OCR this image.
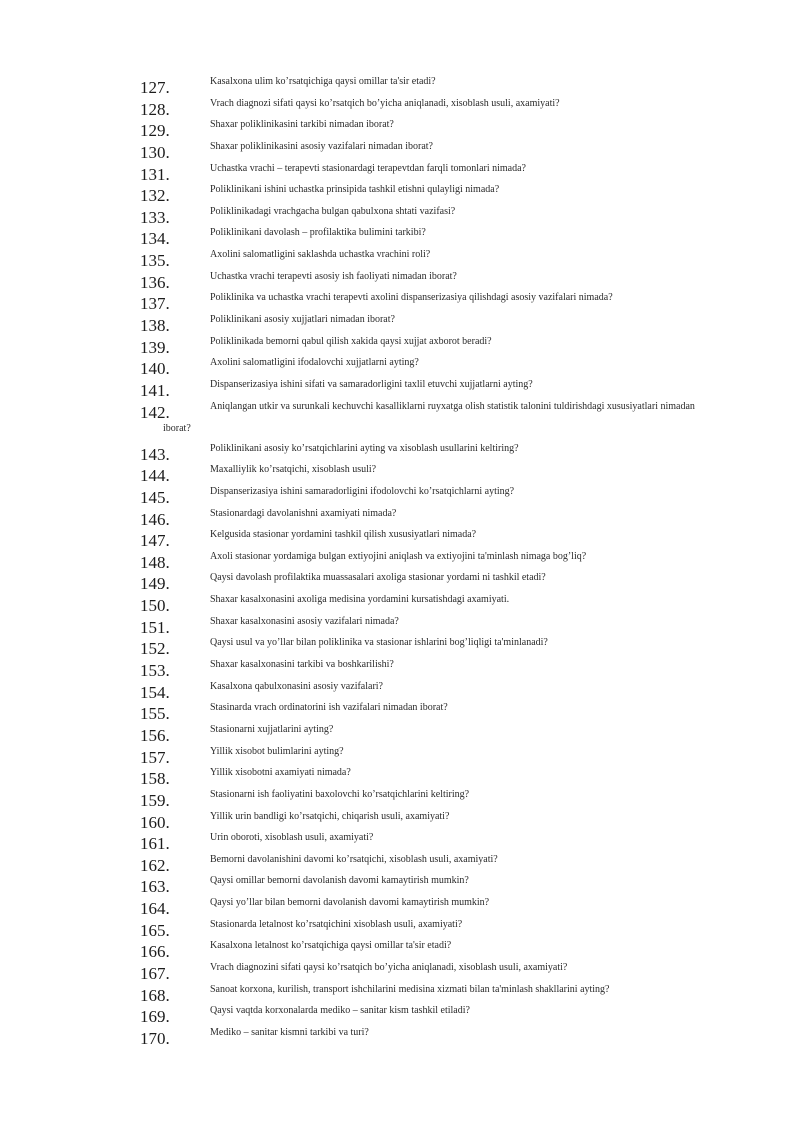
127.	Kasalxona ulim ko’rsatqichiga qaysi omillar ta'sir etadi?
128.	Vrach diagnozi sifati qaysi ko’rsatqich bo’yicha aniqlanadi, xisoblash usuli, axamiyati?
129.	Shaxar poliklinikasini tarkibi nimadan iborat?
130.	Shaxar poliklinikasini asosiy vazifalari nimadan iborat?
131.	Uchastka vrachi – terapevti stasionardagi terapevtdan farqli tomonlari nimada?
132.	Poliklinikani ishini uchastka prinsipida tashkil etishni qulayligi nimada?
133.	Poliklinikadagi vrachgacha bulgan qabulxona shtati vazifasi?
134.	Poliklinikani davolash – profilaktika bulimini tarkibi?
135.	Axolini salomatligini saklashda uchastka vrachini roli?
136.	Uchastka vrachi terapevti asosiy ish faoliyati nimadan iborat?
137.	Poliklinika va uchastka vrachi terapevti axolini dispanserizasiya qilishdagi asosiy vazifalari nimada?
138.	Poliklinikani asosiy xujjatlari nimadan iborat?
139.	Poliklinikada bemorni qabul qilish xakida qaysi xujjat axborot beradi?
140.	Axolini salomatligini ifodalovchi xujjatlarni ayting?
141.	Dispanserizasiya ishini sifati va samaradorligini taxlil etuvchi xujjatlarni ayting?
142.	Aniqlangan utkir va surunkali kechuvchi kasalliklarni ruyxatga olish statistik talonini tuldirishdagi xususiyatlari nimadan
iborat?
143.	Poliklinikani asosiy ko’rsatqichlarini ayting va xisoblash usullarini keltiring?
144.	Maxalliylik ko’rsatqichi, xisoblash usuli?
145.	Dispanserizasiya ishini samaradorligini ifodolovchi ko’rsatqichlarni ayting?
146.	Stasionardagi davolanishni axamiyati nimada?
147.	Kelgusida stasionar yordamini tashkil qilish xususiyatlari nimada?
148.	Axoli stasionar yordamiga bulgan extiyojini aniqlash va extiyojini ta'minlash nimaga bog’liq?
149.	Qaysi davolash profilaktika muassasalari axoliga stasionar yordami ni tashkil etadi?
150.	Shaxar kasalxonasini axoliga medisina yordamini kursatishdagi axamiyati.
151.	Shaxar kasalxonasini asosiy vazifalari nimada?
152.	Qaysi usul va yo’llar bilan poliklinika va stasionar ishlarini bog’liqligi ta'minlanadi?
153.	Shaxar kasalxonasini tarkibi va boshkarilishi?
154.	Kasalxona qabulxonasini asosiy vazifalari?
155.	Stasinarda vrach ordinatorini ish vazifalari nimadan iborat?
156.	Stasionarni xujjatlarini ayting?
157.	Yillik xisobot bulimlarini ayting?
158.	Yillik xisobotni axamiyati nimada?
159.	Stasionarni ish faoliyatini baxolovchi ko’rsatqichlarini keltiring?
160.	Yillik urin bandligi ko’rsatqichi, chiqarish usuli, axamiyati?
161.	Urin oboroti, xisoblash usuli, axamiyati?
162.	Bemorni davolanishini davomi ko’rsatqichi, xisoblash usuli, axamiyati?
163.	Qaysi omillar bemorni davolanish davomi kamaytirish mumkin?
164.	Qaysi yo’llar bilan bemorni davolanish davomi kamaytirish mumkin?
165.	Stasionarda letalnost ko’rsatqichini xisoblash usuli, axamiyati?
166.	Kasalxona letalnost ko’rsatqichiga qaysi omillar ta'sir etadi?
167.	Vrach diagnozini sifati qaysi ko’rsatqich bo’yicha aniqlanadi, xisoblash usuli, axamiyati?
168.	Sanoat korxona, kurilish, transport ishchilarini medisina xizmati bilan ta'minlash shakllarini ayting?
169.	Qaysi vaqtda korxonalarda mediko – sanitar kism tashkil etiladi?
170.	Mediko – sanitar kismni tarkibi va turi?
